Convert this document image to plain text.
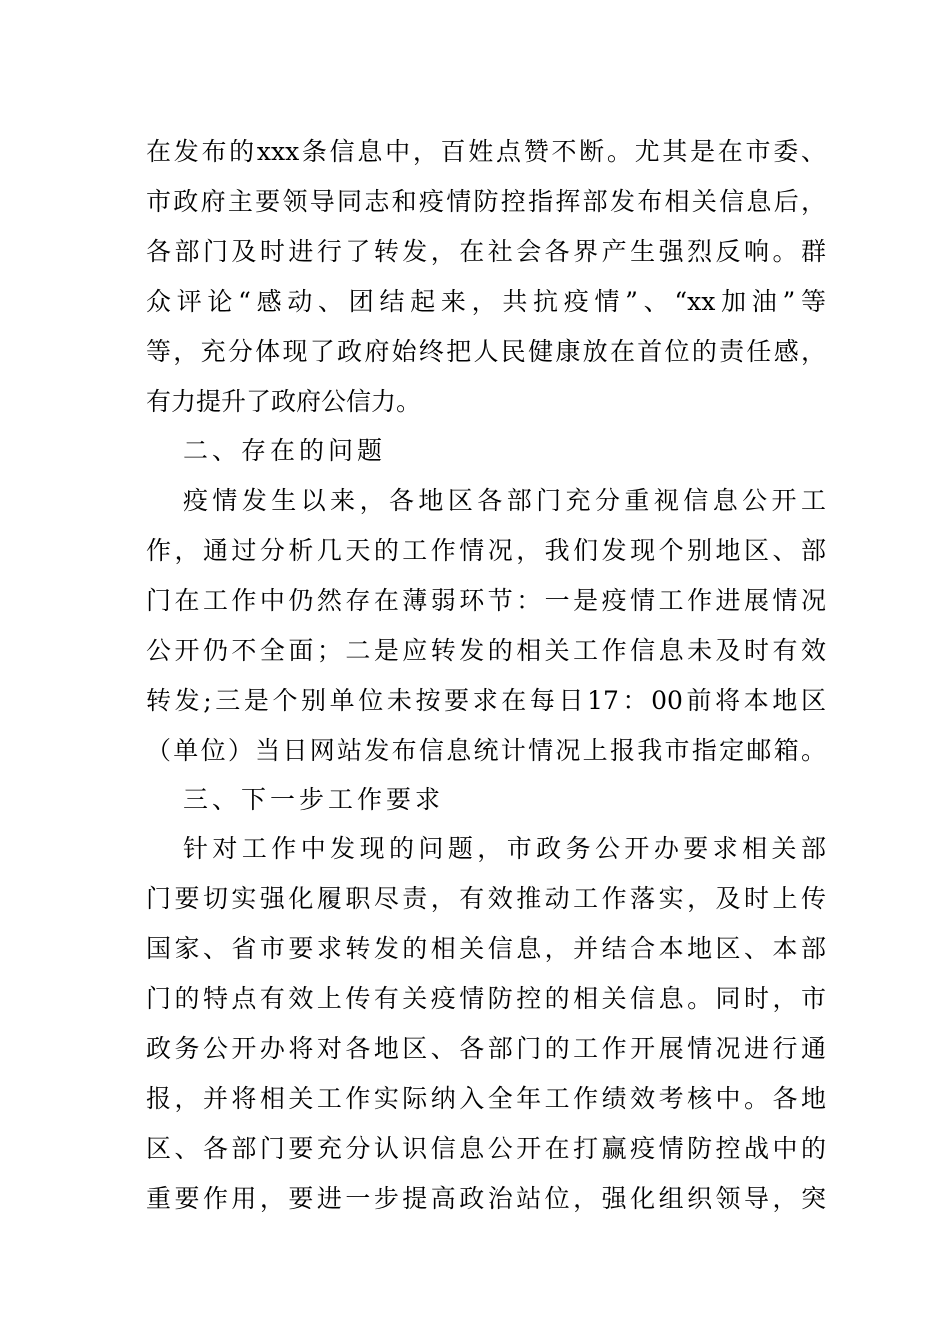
在发布的xxx条信息中，百姓点赞不断。尤其是在市委、
市政府主要领导同志和疫情防控指挥部发布相关信息后，
各部门及时进行了转发，在社会各界产生强烈反响。群
众评论“感动、团结起来，共抗疫情”、“xx加油”等
等，充分体现了政府始终把人民健康放在首位的责任感，
有力提升了政府公信力。
二、存在的问题
疫情发生以来，各地区各部门充分重视信息公开工
作，通过分析几天的工作情况，我们发现个别地区、部
门在工作中仍然存在薄弱环节：一是疫情工作进展情况
公开仍不全面；二是应转发的相关工作信息未及时有效
转发;三是个别单位未按要求在每日17：00前将本地区
（单位）当日网站发布信息统计情况上报我市指定邮箱。
三、下一步工作要求
针对工作中发现的问题，市政务公开办要求相关部
门要切实强化履职尽责，有效推动工作落实，及时上传
国家、省市要求转发的相关信息，并结合本地区、本部
门的特点有效上传有关疫情防控的相关信息。同时，市
政务公开办将对各地区、各部门的工作开展情况进行通
报，并将相关工作实际纳入全年工作绩效考核中。各地
区、各部门要充分认识信息公开在打赢疫情防控战中的
重要作用，要进一步提高政治站位，强化组织领导，突
